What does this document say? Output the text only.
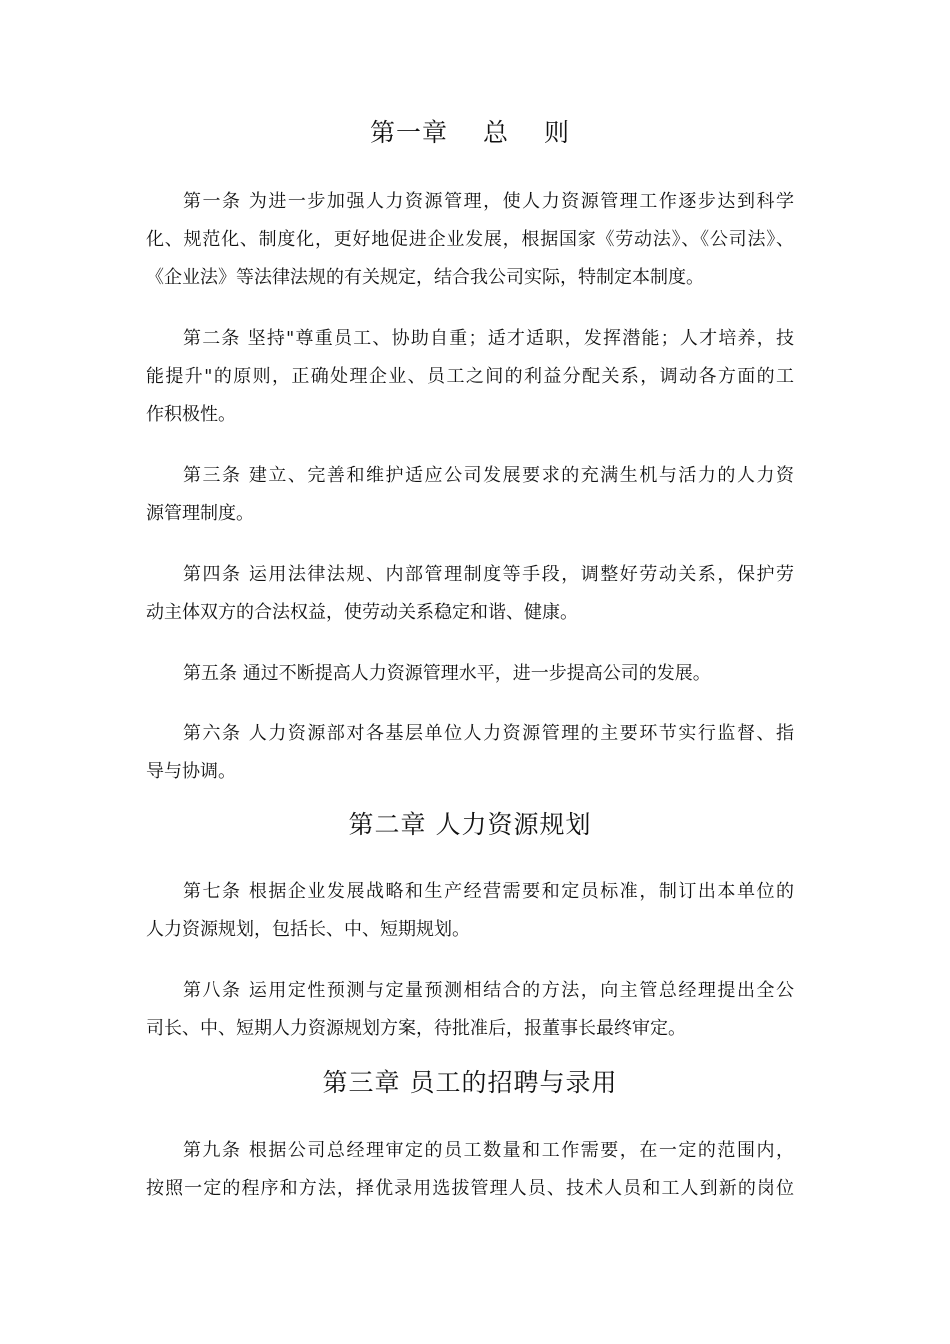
第一章　 总　 则
第一条 为进一步加强人力资源管理，使人力资源管理工作逐步达到科学
化、规范化、制度化，更好地促进企业发展，根据国家《劳动法》、《公司法》、
《企业法》等法律法规的有关规定，结合我公司实际，特制定本制度。
第二条 坚持"尊重员工、协助自重；适才适职，发挥潜能；人才培养，技
能提升"的原则，正确处理企业、员工之间的利益分配关系，调动各方面的工
作积极性。
第三条 建立、完善和维护适应公司发展要求的充满生机与活力的人力资
源管理制度。
第四条 运用法律法规、内部管理制度等手段，调整好劳动关系，保护劳
动主体双方的合法权益，使劳动关系稳定和谐、健康。
第五条 通过不断提高人力资源管理水平，进一步提高公司的发展。
第六条 人力资源部对各基层单位人力资源管理的主要环节实行监督、指
导与协调。
第二章 人力资源规划
第七条 根据企业发展战略和生产经营需要和定员标准，制订出本单位的
人力资源规划，包括长、中、短期规划。
第八条 运用定性预测与定量预测相结合的方法，向主管总经理提出全公
司长、中、短期人力资源规划方案，待批准后，报董事长最终审定。
第三章 员工的招聘与录用
第九条 根据公司总经理审定的员工数量和工作需要，在一定的范围内，
按照一定的程序和方法，择优录用选拔管理人员、技术人员和工人到新的岗位
